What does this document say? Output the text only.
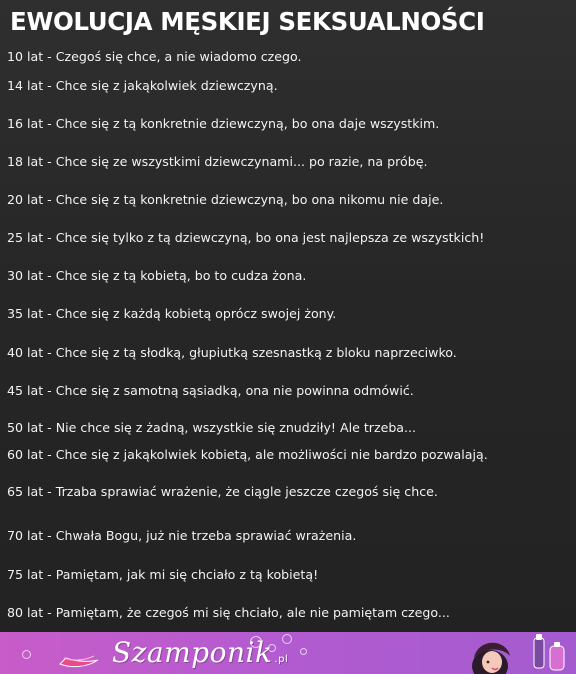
EWOLUCJA MĘSKIEJ SEKSUALNOŚCI
10 lat - Czegoś się chce, a nie wiadomo czego.
14 lat - Chce się z jakąkolwiek dziewczyną.
16 lat - Chce się z tą konkretnie dziewczyną, bo ona daje wszystkim.
18 lat - Chce się ze wszystkimi dziewczynami... po razie, na próbę.
20 lat - Chce się z tą konkretnie dziewczyną, bo ona nikomu nie daje.
25 lat - Chce się tylko z tą dziewczyną, bo ona jest najlepsza ze wszystkich!
30 lat - Chce się z tą kobietą, bo to cudza żona.
35 lat - Chce się z każdą kobietą oprócz swojej żony.
40 lat - Chce się z tą słodką, głupiutką szesnastką z bloku naprzeciwko.
45 lat - Chce się z samotną sąsiadką, ona nie powinna odmówić.
50 lat - Nie chce się z żadną, wszystkie się znudziły! Ale trzeba...
60 lat - Chce się z jakąkolwiek kobietą, ale możliwości nie bardzo pozwalają.
65 lat - Trzaba sprawiać wrażenie, że ciągle jeszcze czegoś się chce.
70 lat - Chwała Bogu, już nie trzeba sprawiać wrażenia.
75 lat - Pamiętam, jak mi się chciało z tą kobietą!
80 lat - Pamiętam, że czegoś mi się chciało, ale nie pamiętam czego...
Szamponik .pl
